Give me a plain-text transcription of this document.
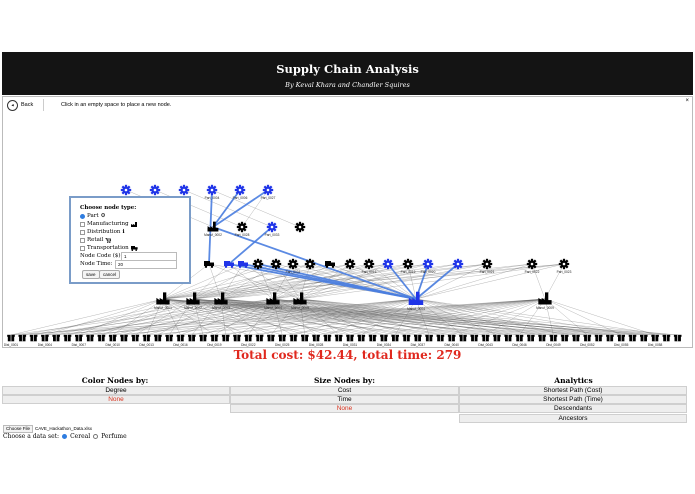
Supply Chain Analysis
By Keval Khara and Chandler Squires
◀	Back	Click in an empty space to place a new node.
×
Part_0004	Part_0006	Part_0027
Manuf_0002	Part_0028	Part_0033
Part_0031	Part_0016	Part_0019 Part_0020	Part_0021	Part_0022	Part_0023
Manuf_0001	Manuf_0002	Manuf_0003	Manuf_0004	Manuf_0005	Manuf_0004	Manuf_0009
Dist_0001	Dist_0004	Dist_0007	Dist_0010	Dist_0013	Dist_0016	Dist_0019	Dist_0022	Dist_0025	Dist_0028	Dist_0031	Dist_0034	Dist_0037	Dist_0040	Dist_0043	Dist_0046	Dist_0049	Dist_0052	Dist_0055	Dist_0058
Choose node type:
Part ⚙
Manufacturing
Distribution ℹ
Retail
Transportation
Node Code ($): 1
Node Time:	20
save	cancel
Total cost: $42.44, total time: 279
Color Nodes by:	Size Nodes by:	Analytics
Degree
None
Cost
Time
None
Shortest Path (Cost)
Shortest Path (Time)
Descendants
Ancestors
Choose File	CAVE_Hackathon_Data.xlsx
Choose a data set: Cereal Perfume
